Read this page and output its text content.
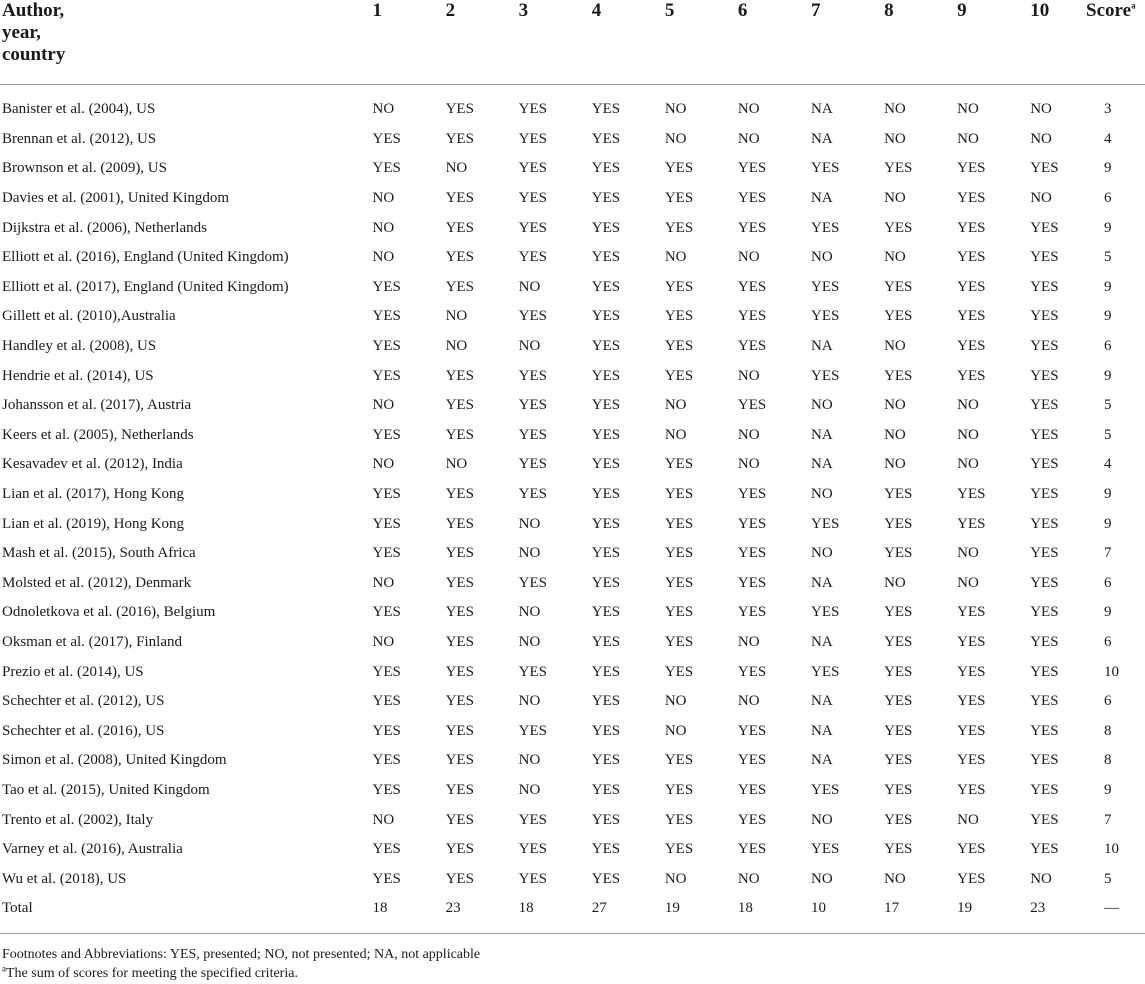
Author,
year,
country	1	2	3	4	5	6	7	8	9	10	Score$^a$

Banister et al. (2004), US	NO	YES	YES	YES	NO	NO	NA	NO	NO	NO	3
Brennan et al. (2012), US	YES	YES	YES	YES	NO	NO	NA	NO	NO	NO	4
Brownson et al. (2009), US	YES	NO	YES	YES	YES	YES	YES	YES	YES	YES	9
Davies et al. (2001), United Kingdom	NO	YES	YES	YES	YES	YES	NA	NO	YES	NO	6
Dijkstra et al. (2006), Netherlands	NO	YES	YES	YES	YES	YES	YES	YES	YES	YES	9
Elliott et al. (2016), England (United Kingdom)	NO	YES	YES	YES	NO	NO	NO	NO	YES	YES	5
Elliott et al. (2017), England (United Kingdom)	YES	YES	NO	YES	YES	YES	YES	YES	YES	YES	9
Gillett et al. (2010),Australia	YES	NO	YES	YES	YES	YES	YES	YES	YES	YES	9
Handley et al. (2008), US	YES	NO	NO	YES	YES	YES	NA	NO	YES	YES	6
Hendrie et al. (2014), US	YES	YES	YES	YES	YES	NO	YES	YES	YES	YES	9
Johansson et al. (2017), Austria	NO	YES	YES	YES	NO	YES	NO	NO	NO	YES	5
Keers et al. (2005), Netherlands	YES	YES	YES	YES	NO	NO	NA	NO	NO	YES	5
Kesavadev et al. (2012), India	NO	NO	YES	YES	YES	NO	NA	NO	NO	YES	4
Lian et al. (2017), Hong Kong	YES	YES	YES	YES	YES	YES	NO	YES	YES	YES	9
Lian et al. (2019), Hong Kong	YES	YES	NO	YES	YES	YES	YES	YES	YES	YES	9
Mash et al. (2015), South Africa	YES	YES	NO	YES	YES	YES	NO	YES	NO	YES	7
Molsted et al. (2012), Denmark	NO	YES	YES	YES	YES	YES	NA	NO	NO	YES	6
Odnoletkova et al. (2016), Belgium	YES	YES	NO	YES	YES	YES	YES	YES	YES	YES	9
Oksman et al. (2017), Finland	NO	YES	NO	YES	YES	NO	NA	YES	YES	YES	6
Prezio et al. (2014), US	YES	YES	YES	YES	YES	YES	YES	YES	YES	YES	10
Schechter et al. (2012), US	YES	YES	NO	YES	NO	NO	NA	YES	YES	YES	6
Schechter et al. (2016), US	YES	YES	YES	YES	NO	YES	NA	YES	YES	YES	8
Simon et al. (2008), United Kingdom	YES	YES	NO	YES	YES	YES	NA	YES	YES	YES	8
Tao et al. (2015), United Kingdom	YES	YES	NO	YES	YES	YES	YES	YES	YES	YES	9
Trento et al. (2002), Italy	NO	YES	YES	YES	YES	YES	NO	YES	NO	YES	7
Varney et al. (2016), Australia	YES	YES	YES	YES	YES	YES	YES	YES	YES	YES	10
Wu et al. (2018), US	YES	YES	YES	YES	NO	NO	NO	NO	YES	NO	5
Total	18	23	18	27	19	18	10	17	19	23	—

Footnotes and Abbreviations: YES, presented; NO, not presented; NA, not applicable
$^a$The sum of scores for meeting the specified criteria.
